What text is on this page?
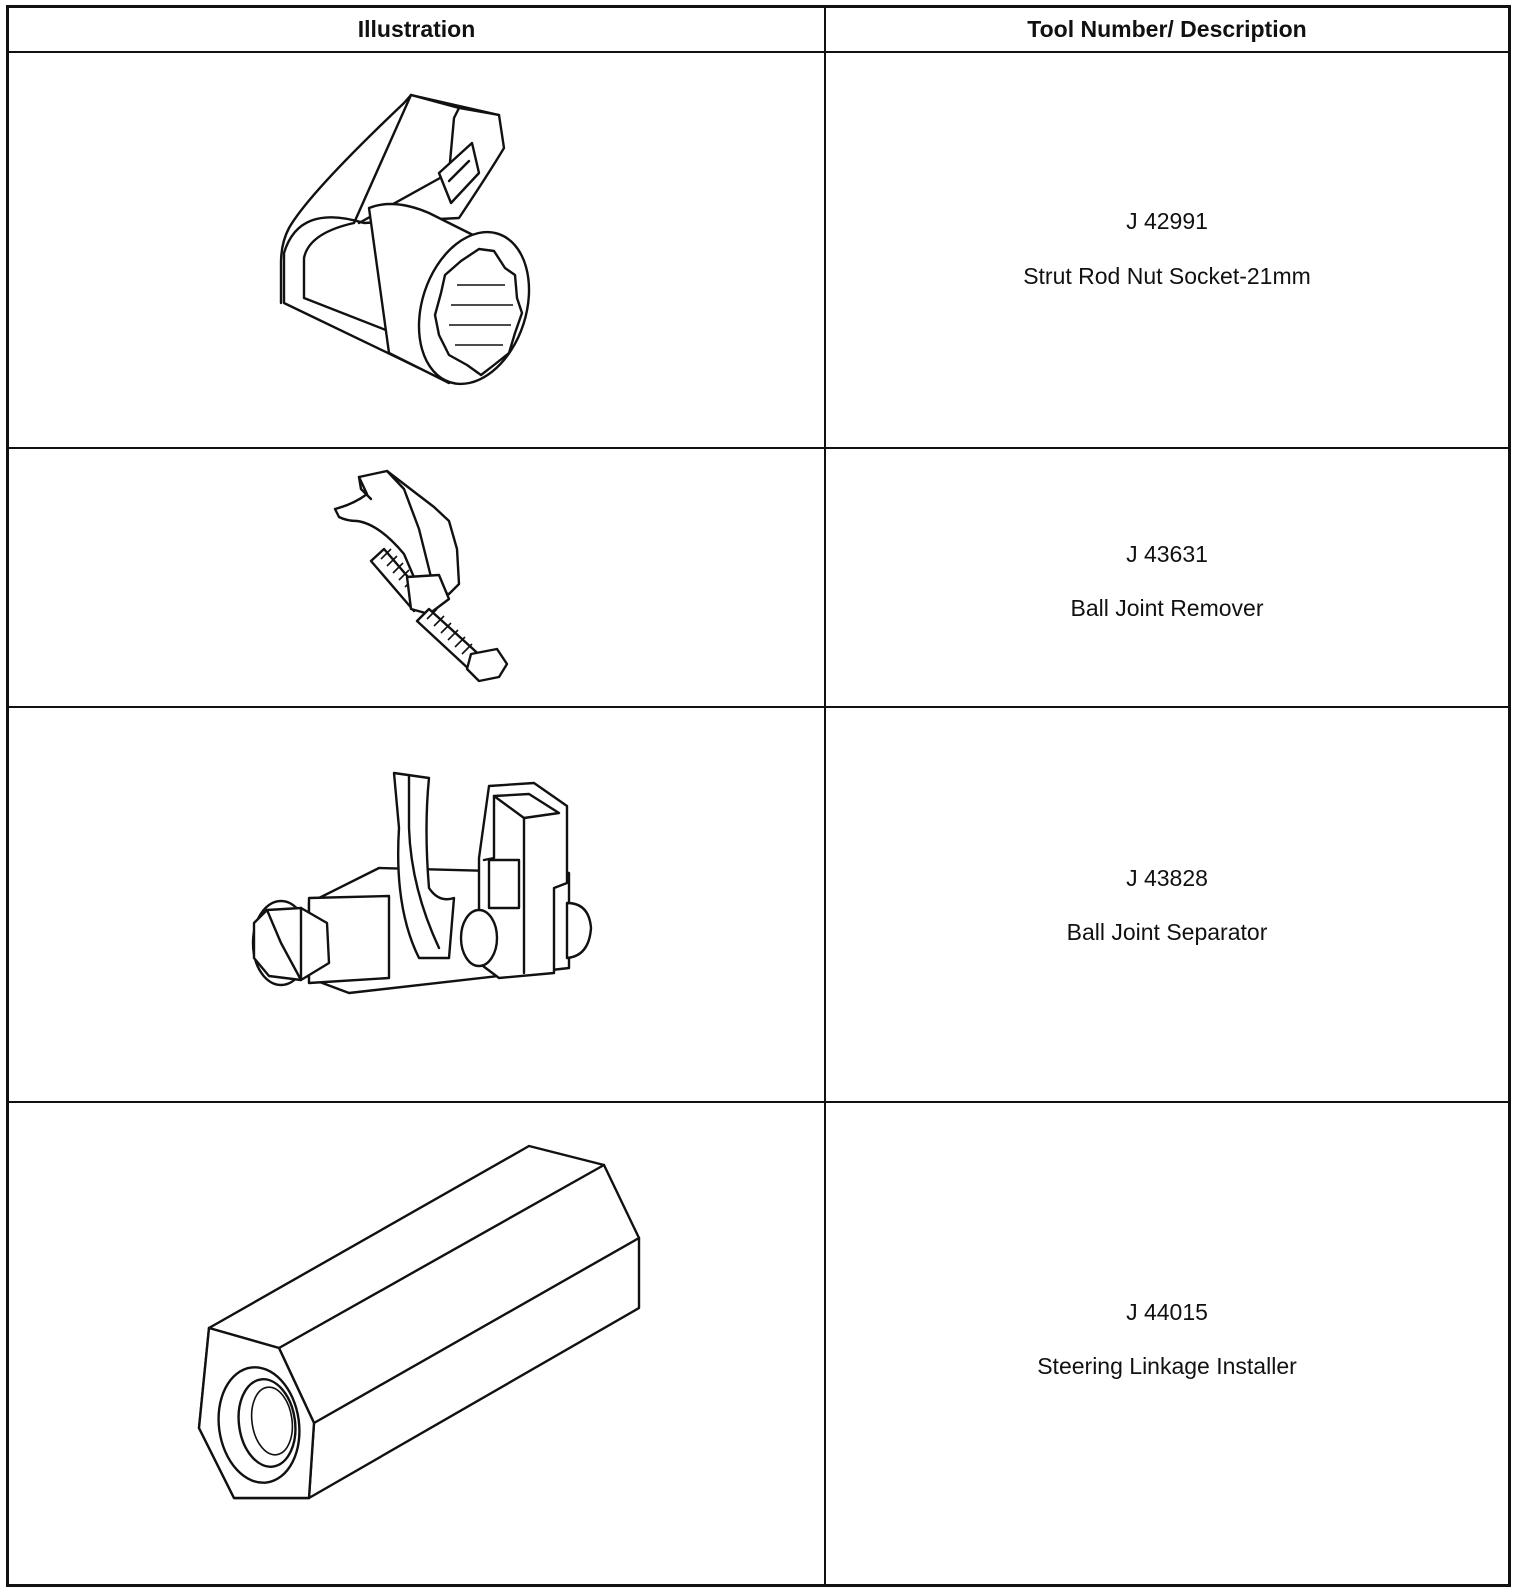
Illustration	Tool Number/ Description
J 42991
Strut Rod Nut Socket-21mm
J 43631
Ball Joint Remover
J 43828
Ball Joint Separator
J 44015
Steering Linkage Installer
